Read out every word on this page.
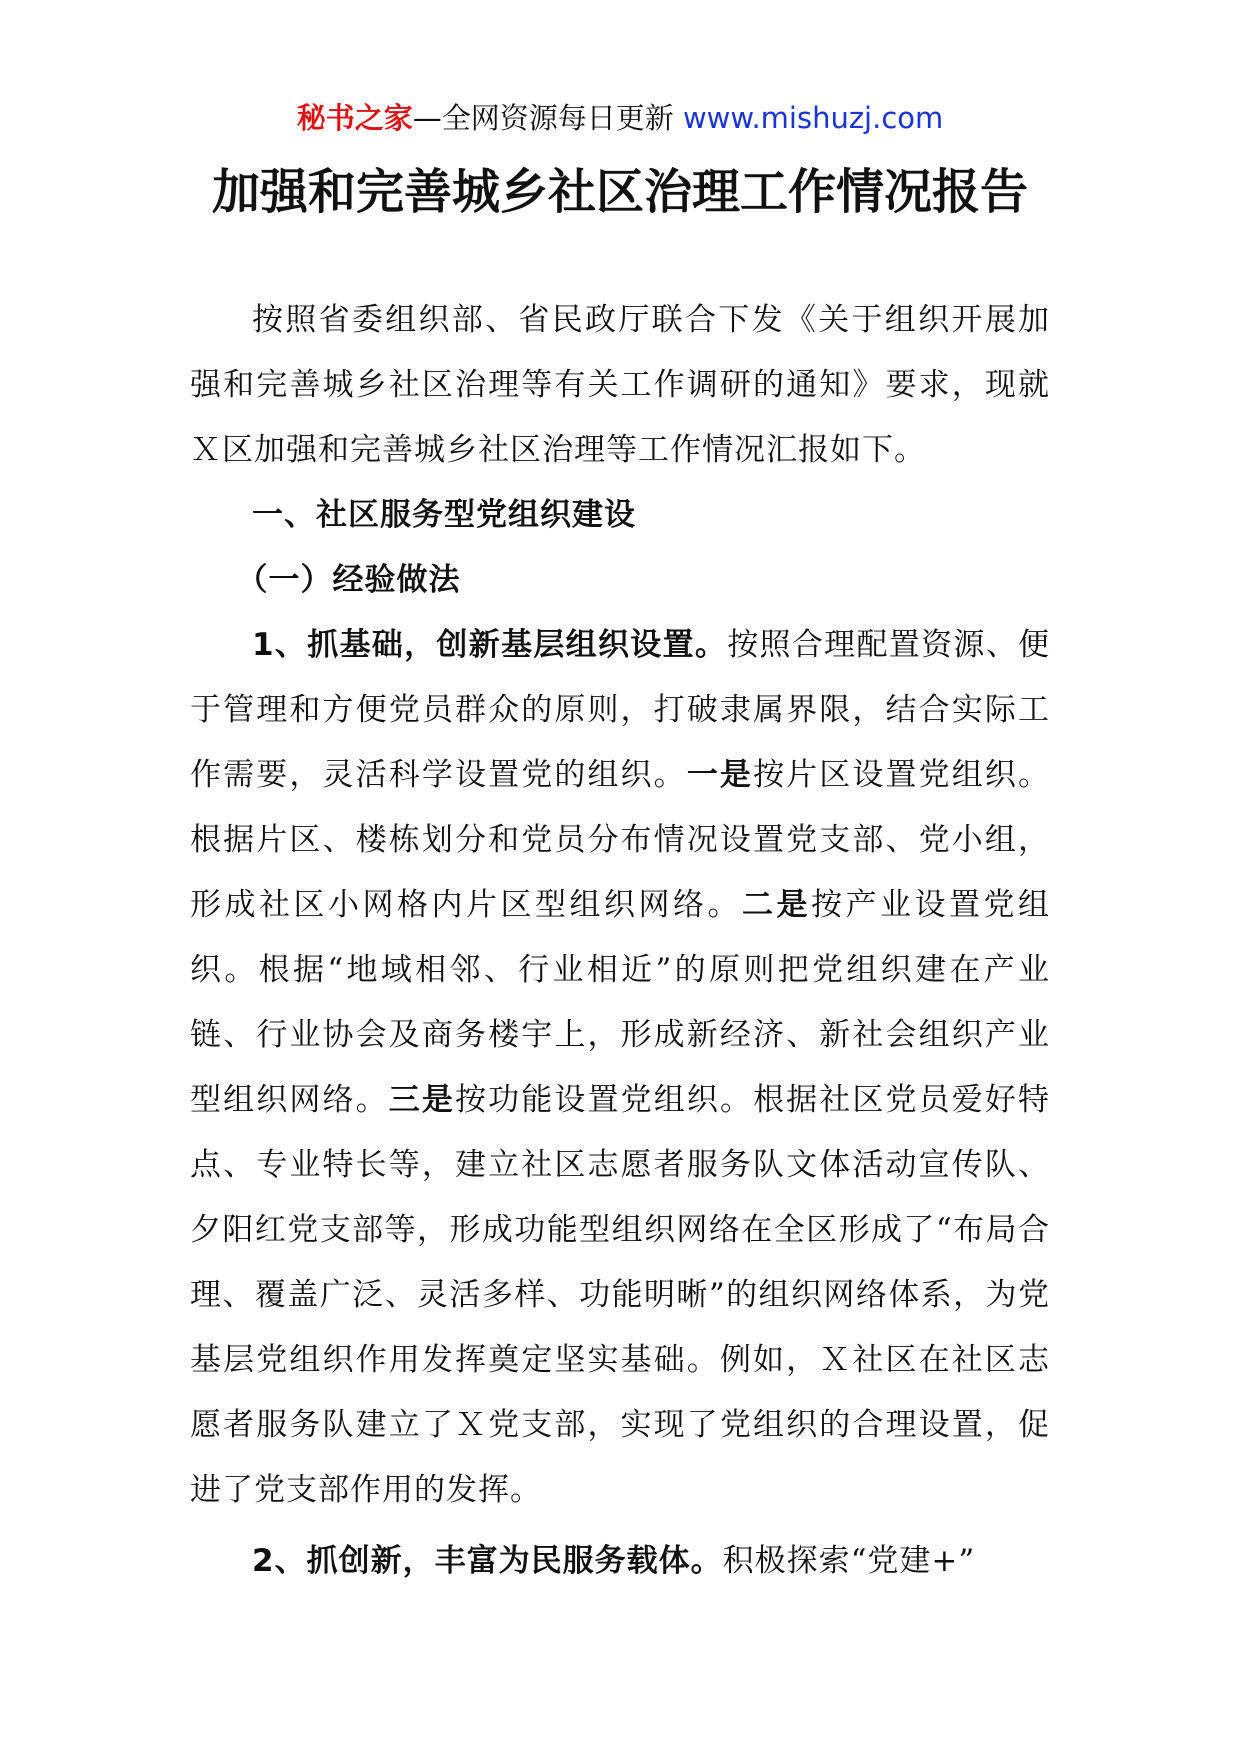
秘书之家—全网资源每日更新 www.mishuzj.com
加强和完善城乡社区治理工作情况报告

按照省委组织部、省民政厅联合下发《关于组织开展加强和完善城乡社区治理等有关工作调研的通知》要求，现就Ｘ区加强和完善城乡社区治理等工作情况汇报如下。

一、社区服务型党组织建设

（一）经验做法

1、抓基础，创新基层组织设置。按照合理配置资源、便于管理和方便党员群众的原则，打破隶属界限，结合实际工作需要，灵活科学设置党的组织。一是按片区设置党组织。根据片区、楼栋划分和党员分布情况设置党支部、党小组，形成社区小网格内片区型组织网络。二是按产业设置党组织。根据“地域相邻、行业相近”的原则把党组织建在产业链、行业协会及商务楼宇上，形成新经济、新社会组织产业型组织网络。三是按功能设置党组织。根据社区党员爱好特点、专业特长等，建立社区志愿者服务队文体活动宣传队、夕阳红党支部等，形成功能型组织网络在全区形成了“布局合理、覆盖广泛、灵活多样、功能明晰”的组织网络体系，为党基层党组织作用发挥奠定坚实基础。例如，Ｘ社区在社区志愿者服务队建立了Ｘ党支部，实现了党组织的合理设置，促进了党支部作用的发挥。

2、抓创新，丰富为民服务载体。积极探索“党建+”
